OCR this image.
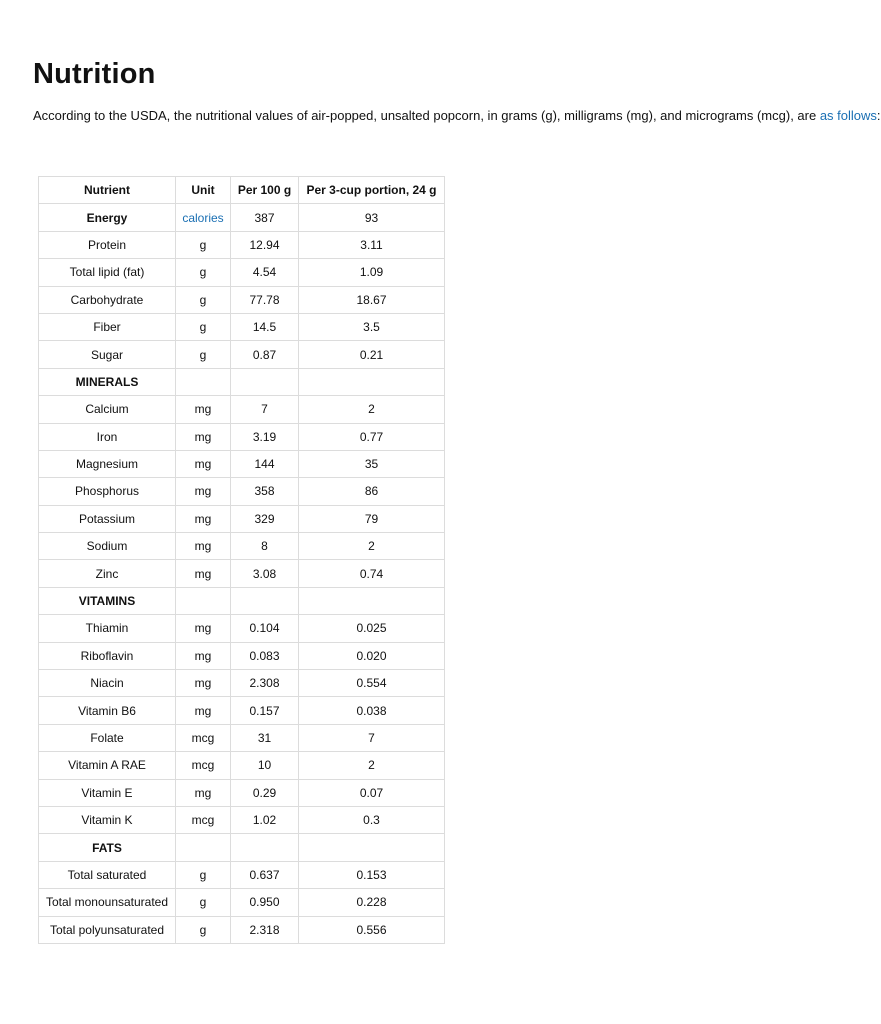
Nutrition

According to the USDA, the nutritional values of air-popped, unsalted popcorn, in grams (g), milligrams (mg), and micrograms (mcg), are as follows:

Nutrient	Unit	Per 100 g	Per 3-cup portion, 24 g
Energy	calories	387	93
Protein	g	12.94	3.11
Total lipid (fat)	g	4.54	1.09
Carbohydrate	g	77.78	18.67
Fiber	g	14.5	3.5
Sugar	g	0.87	0.21
MINERALS			
Calcium	mg	7	2
Iron	mg	3.19	0.77
Magnesium	mg	144	35
Phosphorus	mg	358	86
Potassium	mg	329	79
Sodium	mg	8	2
Zinc	mg	3.08	0.74
VITAMINS			
Thiamin	mg	0.104	0.025
Riboflavin	mg	0.083	0.020
Niacin	mg	2.308	0.554
Vitamin B6	mg	0.157	0.038
Folate	mcg	31	7
Vitamin A RAE	mcg	10	2
Vitamin E	mg	0.29	0.07
Vitamin K	mcg	1.02	0.3
FATS			
Total saturated	g	0.637	0.153
Total monounsaturated	g	0.950	0.228
Total polyunsaturated	g	2.318	0.556
